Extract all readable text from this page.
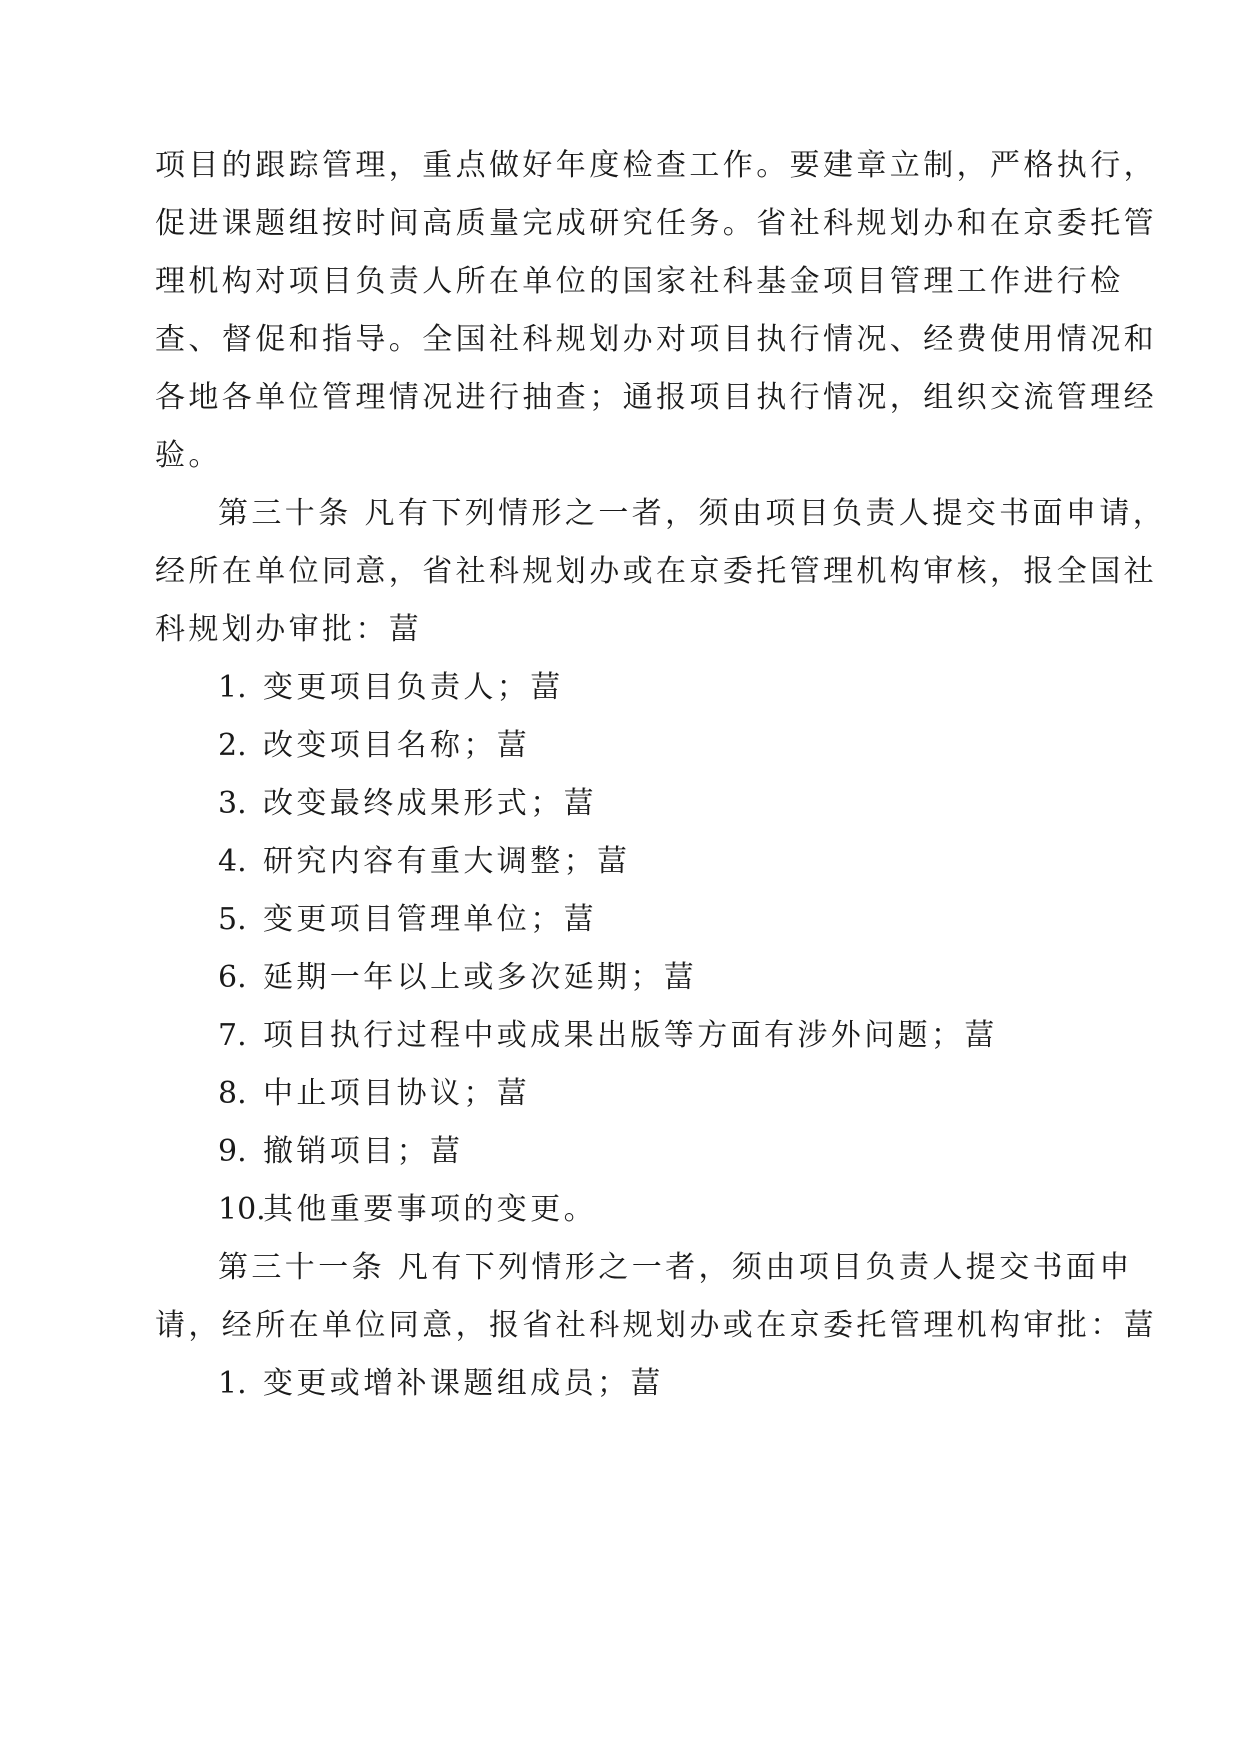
项目的跟踪管理，重点做好年度检查工作。要建章立制，严格执行，
促进课题组按时间高质量完成研究任务。省社科规划办和在京委托管
理机构对项目负责人所在单位的国家社科基金项目管理工作进行检
查、督促和指导。全国社科规划办对项目执行情况、经费使用情况和
各地各单位管理情况进行抽查；通报项目执行情况，组织交流管理经
验。
第三十条 凡有下列情形之一者，须由项目负责人提交书面申请，
经所在单位同意，省社科规划办或在京委托管理机构审核，报全国社
科规划办审批：葍
1. 变更项目负责人；葍
2. 改变项目名称；葍
3. 改变最终成果形式；葍
4. 研究内容有重大调整；葍
5. 变更项目管理单位；葍
6. 延期一年以上或多次延期；葍
7. 项目执行过程中或成果出版等方面有涉外问题；葍
8. 中止项目协议；葍
9. 撤销项目；葍
10.其他重要事项的变更。
第三十一条 凡有下列情形之一者，须由项目负责人提交书面申
请，经所在单位同意，报省社科规划办或在京委托管理机构审批：葍
1. 变更或增补课题组成员；葍
